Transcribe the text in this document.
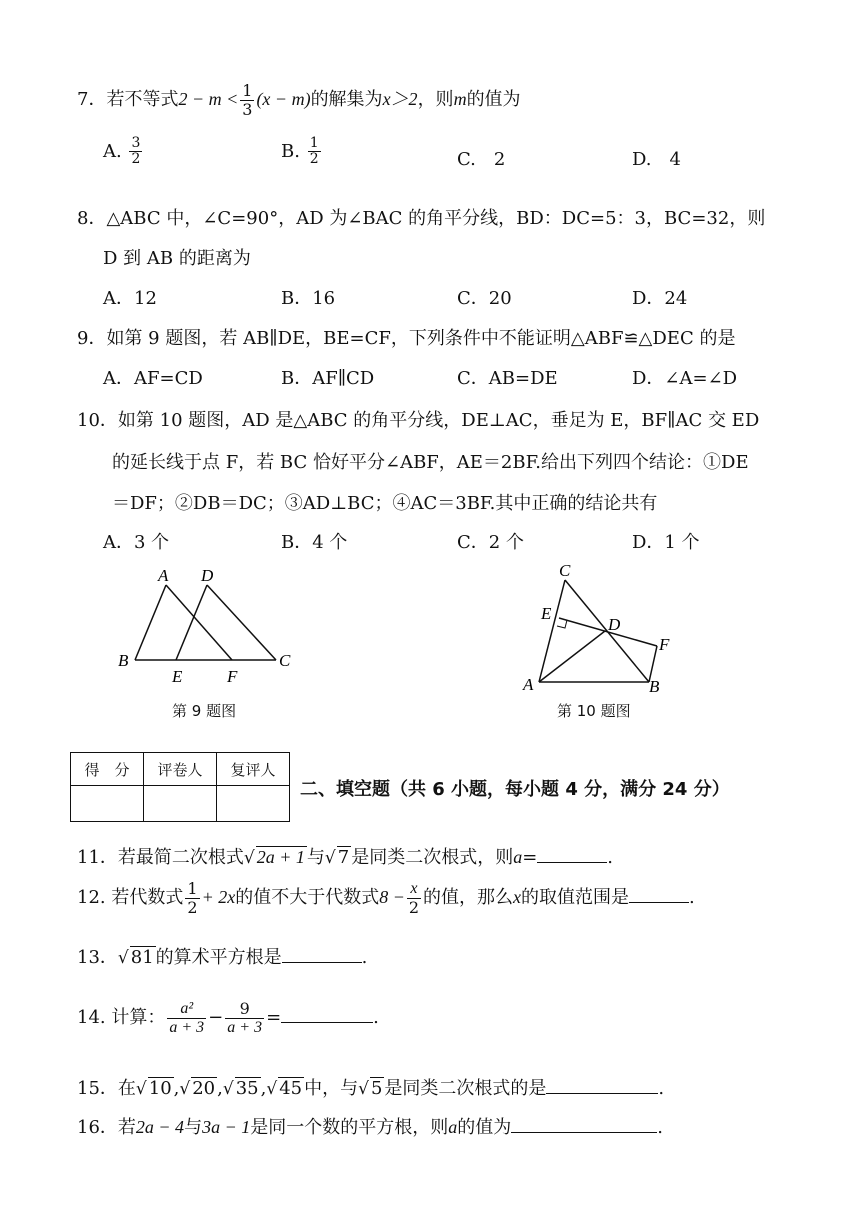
7．若不等式$2 - m < \frac{1}{3} (x - m)$的解集为x＞2，则m的值为
A. $\frac{3}{2}$	B. $\frac{1}{2}$	C.　2	D.　4
8．△ABC 中，∠C=90°，AD 为∠BAC 的角平分线，BD：DC=5：3，BC=32，则
D 到 AB 的距离为
A．12	B．16	C．20	D．24
9．如第 9 题图，若 AB∥DE，BE=CF，下列条件中不能证明△ABF≌△DEC 的是
A．AF=CD	B．AF∥CD	C．AB=DE	D．∠A=∠D
10．如第 10 题图，AD 是△ABC 的角平分线，DE⊥AC，垂足为 E，BF∥AC 交 ED
的延长线于点 F，若 BC 恰好平分∠ABF，AE＝2BF.给出下列四个结论：①DE
＝DF；②DB＝DC；③AD⊥BC；④AC＝3BF.其中正确的结论共有
A．3 个	B．4 个	C．2 个	D．1 个
A D
B
E	F
C
第 9 题图
C
E
D
F
A	B
第 10 题图
得　分	评卷人	复评人

二、填空题（共 6 小题，每小题 4 分，满分 24 分）
11．若最简二次根式√ 2a + 1 与√ 7 是同类二次根式，则a=	.
12. 若代数式 $\frac{1}{2} + 2x$的值不大于代数式$8 - \frac{x}{2}$ 的值，那么x的取值范围是	.
13．√ 81 的算术平方根是	.
14. 计算： $\frac{\text{a²}}{a + 3} - \frac{9}{a + 3}$ =	.
15．在√ 10 ,√ 20 ,√ 35 ,√ 45 中，与√ 5 是同类二次根式的是	.
16．若2a − 4与3a − 1是同一个数的平方根，则a的值为	.
